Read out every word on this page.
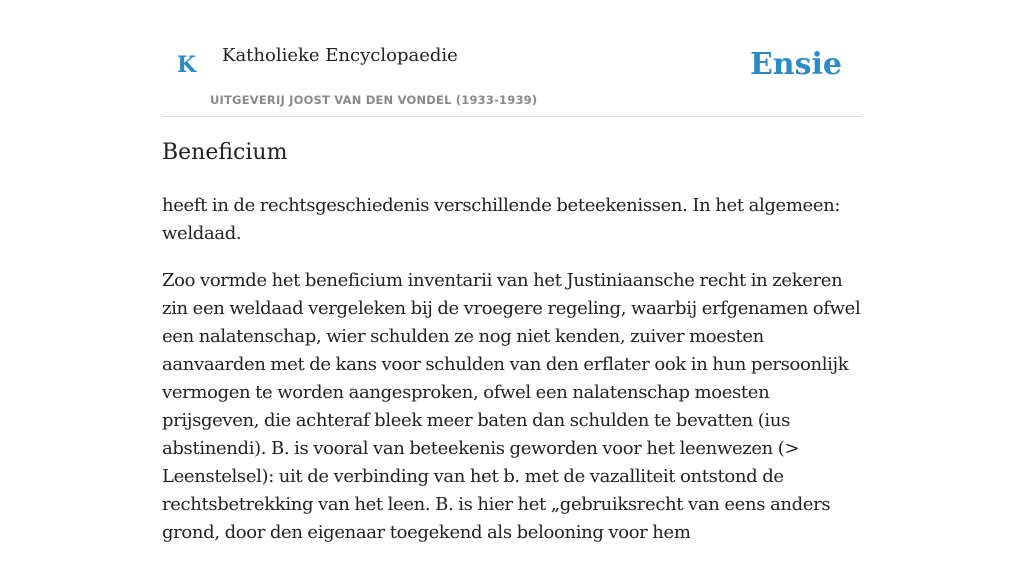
K Katholieke Encyclopaedie
UITGEVERIJ JOOST VAN DEN VONDEL (1933-1939)
Ensie
Beneficium

heeft in de rechtsgeschiedenis verschillende beteekenissen. In het algemeen: weldaad.

Zoo vormde het beneficium inventarii van het Justiniaansche recht in zekeren zin een weldaad vergeleken bij de vroegere regeling, waarbij erfgenamen ofwel een nalatenschap, wier schulden ze nog niet kenden, zuiver moesten aanvaarden met de kans voor schulden van den erflater ook in hun persoonlijk vermogen te worden aangesproken, ofwel een nalatenschap moesten prijsgeven, die achteraf bleek meer baten dan schulden te bevatten (ius abstinendi). B. is vooral van beteekenis geworden voor het leenwezen (> Leenstelsel): uit de verbinding van het b. met de vazalliteit ontstond de rechtsbetrekking van het leen. B. is hier het „gebruiksrecht van eens anders grond, door den eigenaar toegekend als belooning voor hem
